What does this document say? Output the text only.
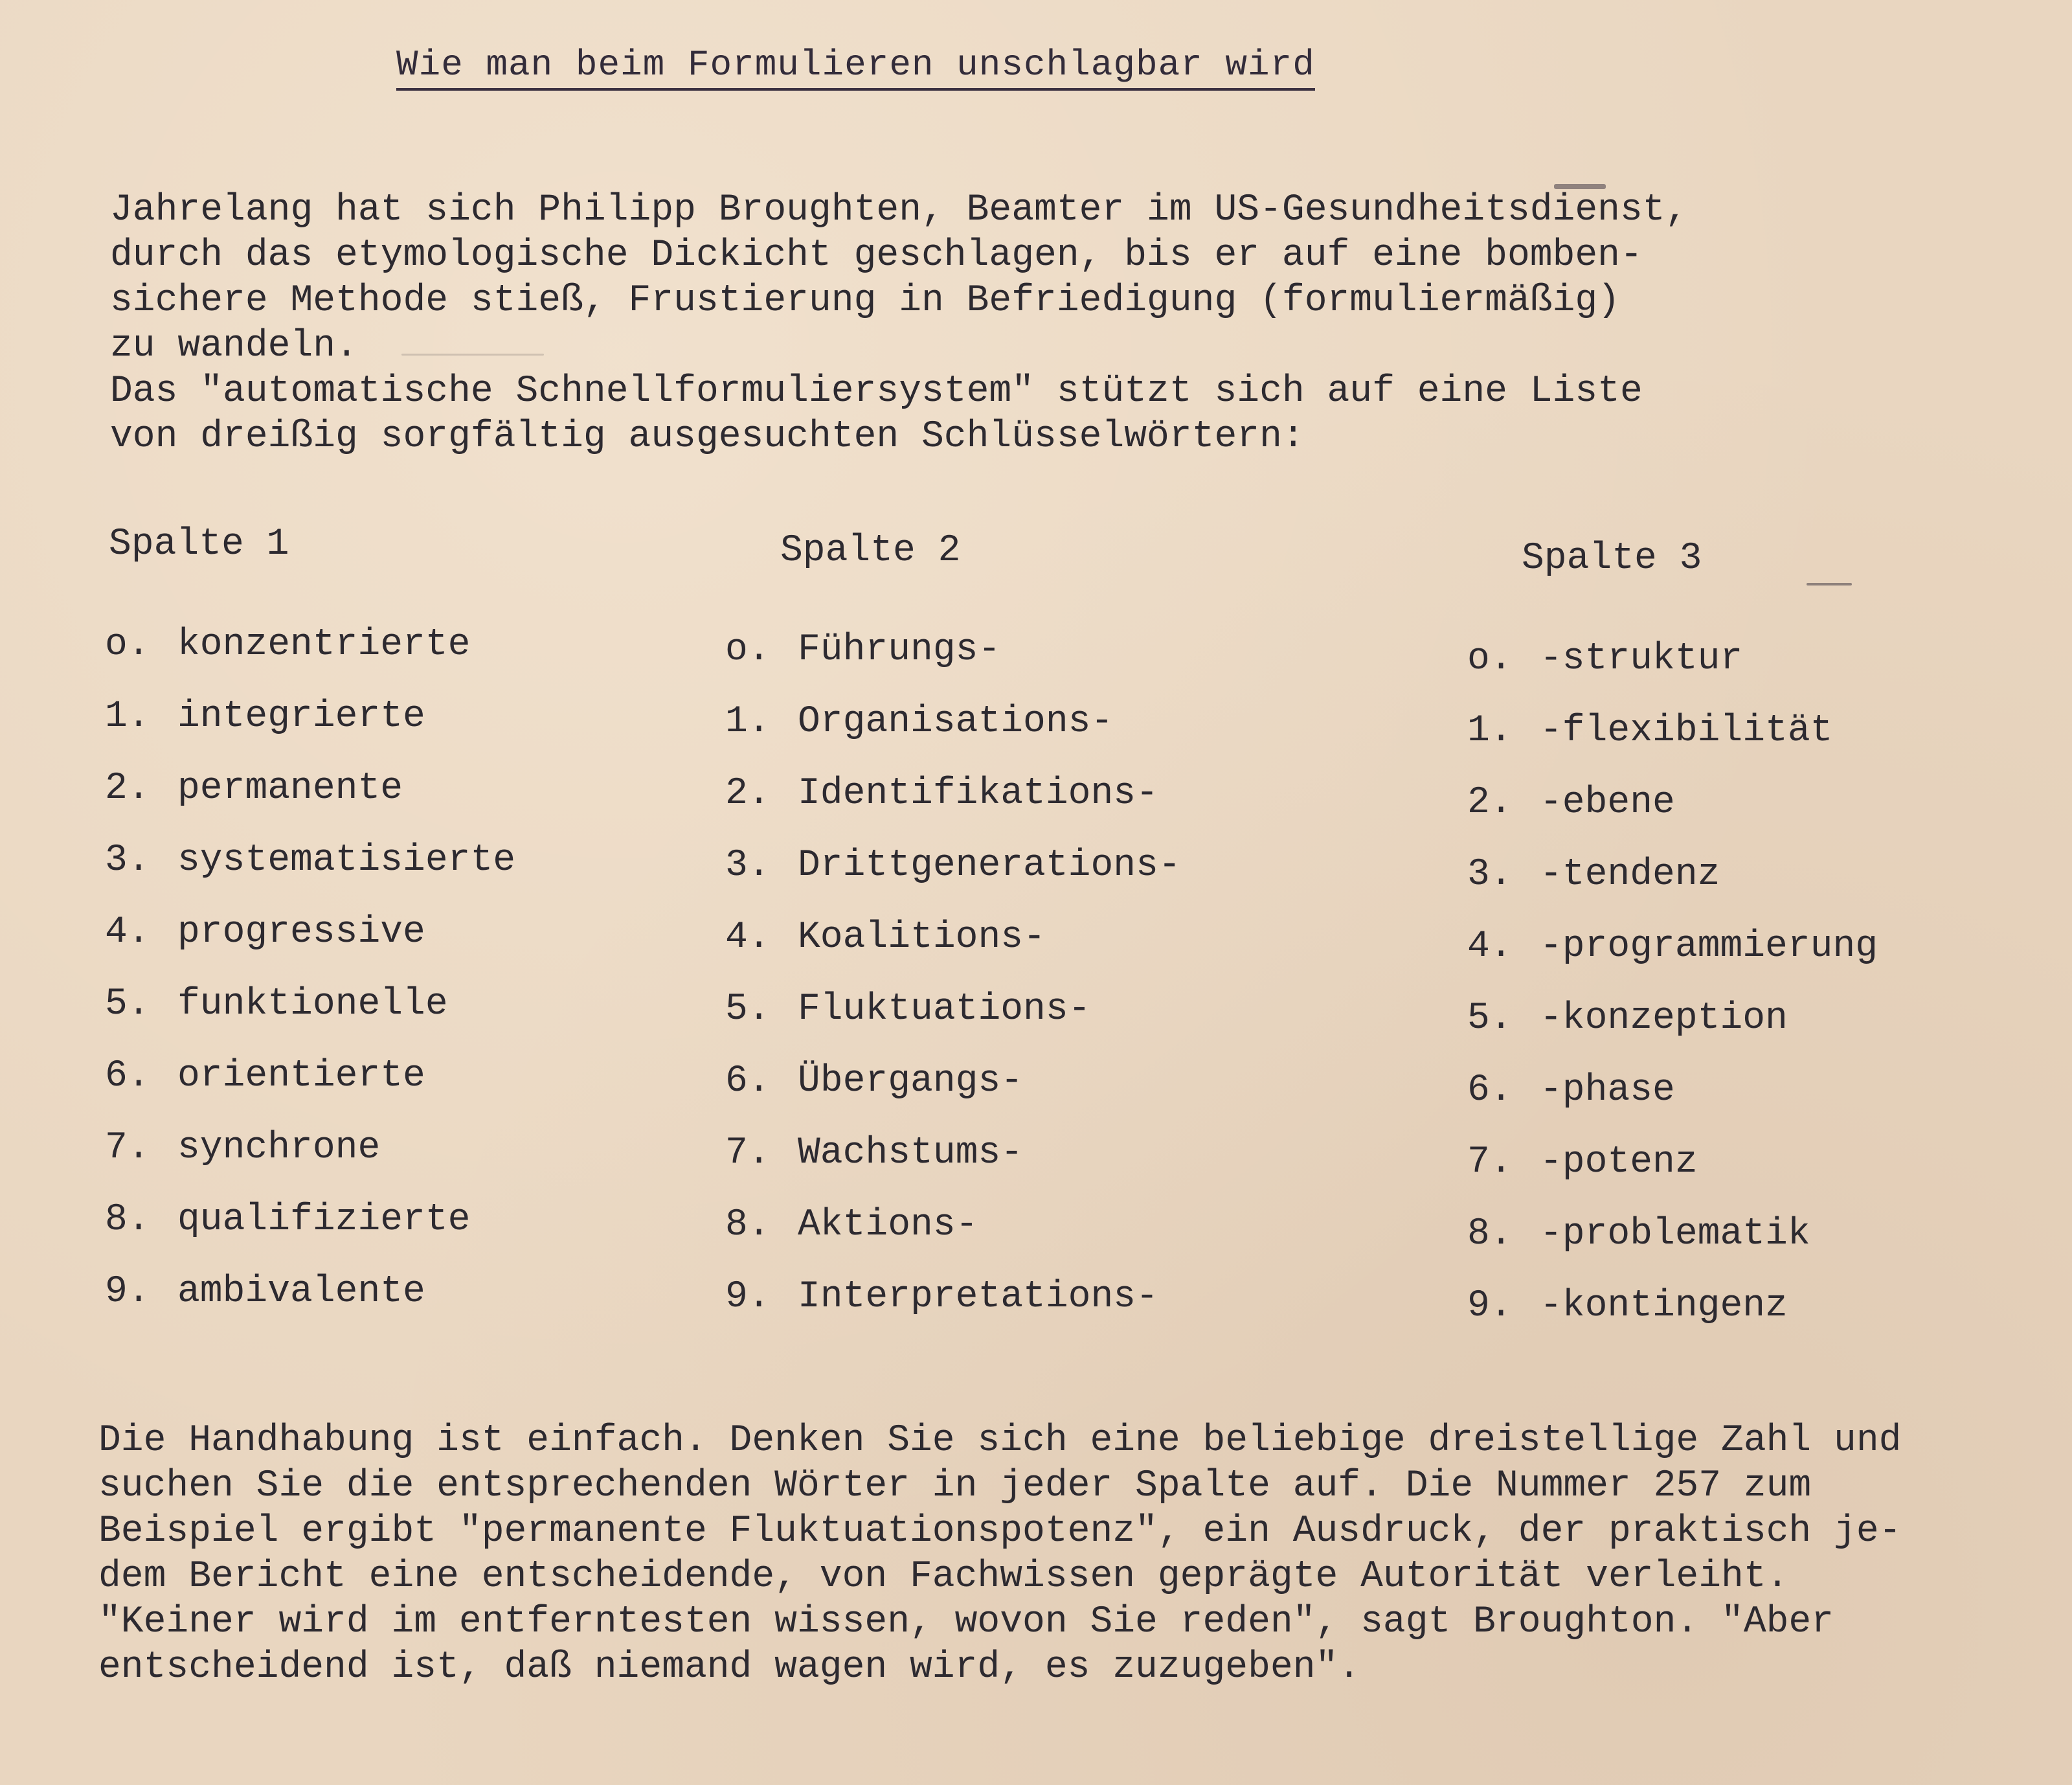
Wie man beim Formulieren unschlagbar wird
Jahrelang hat sich Philipp Broughten, Beamter im US-Gesundheitsdienst,
durch das etymologische Dickicht geschlagen, bis er auf eine bomben-
sichere Methode stieß, Frustierung in Befriedigung (formuliermäßig)
zu wandeln.
Das "automatische Schnellformuliersystem" stützt sich auf eine Liste
von dreißig sorgfältig ausgesuchten Schlüsselwörtern:
Spalte 1	Spalte 2	Spalte 3
o. konzentrierte
1. integrierte
2. permanente
3. systematisierte
4. progressive
5. funktionelle
6. orientierte
7. synchrone
8. qualifizierte
9. ambivalente
o. Führungs-
1. Organisations-
2. Identifikations-
3. Drittgenerations-
4. Koalitions-
5. Fluktuations-
6. Übergangs-
7. Wachstums-
8. Aktions-
9. Interpretations-
o. -struktur
1. -flexibilität
2. -ebene
3. -tendenz
4. -programmierung
5. -konzeption
6. -phase
7. -potenz
8. -problematik
9. -kontingenz
Die Handhabung ist einfach. Denken Sie sich eine beliebige dreistellige Zahl und
suchen Sie die entsprechenden Wörter in jeder Spalte auf. Die Nummer 257 zum
Beispiel ergibt "permanente Fluktuationspotenz", ein Ausdruck, der praktisch je-
dem Bericht eine entscheidende, von Fachwissen geprägte Autorität verleiht.
"Keiner wird im entferntesten wissen, wovon Sie reden", sagt Broughton. "Aber
entscheidend ist, daß niemand wagen wird, es zuzugeben".
